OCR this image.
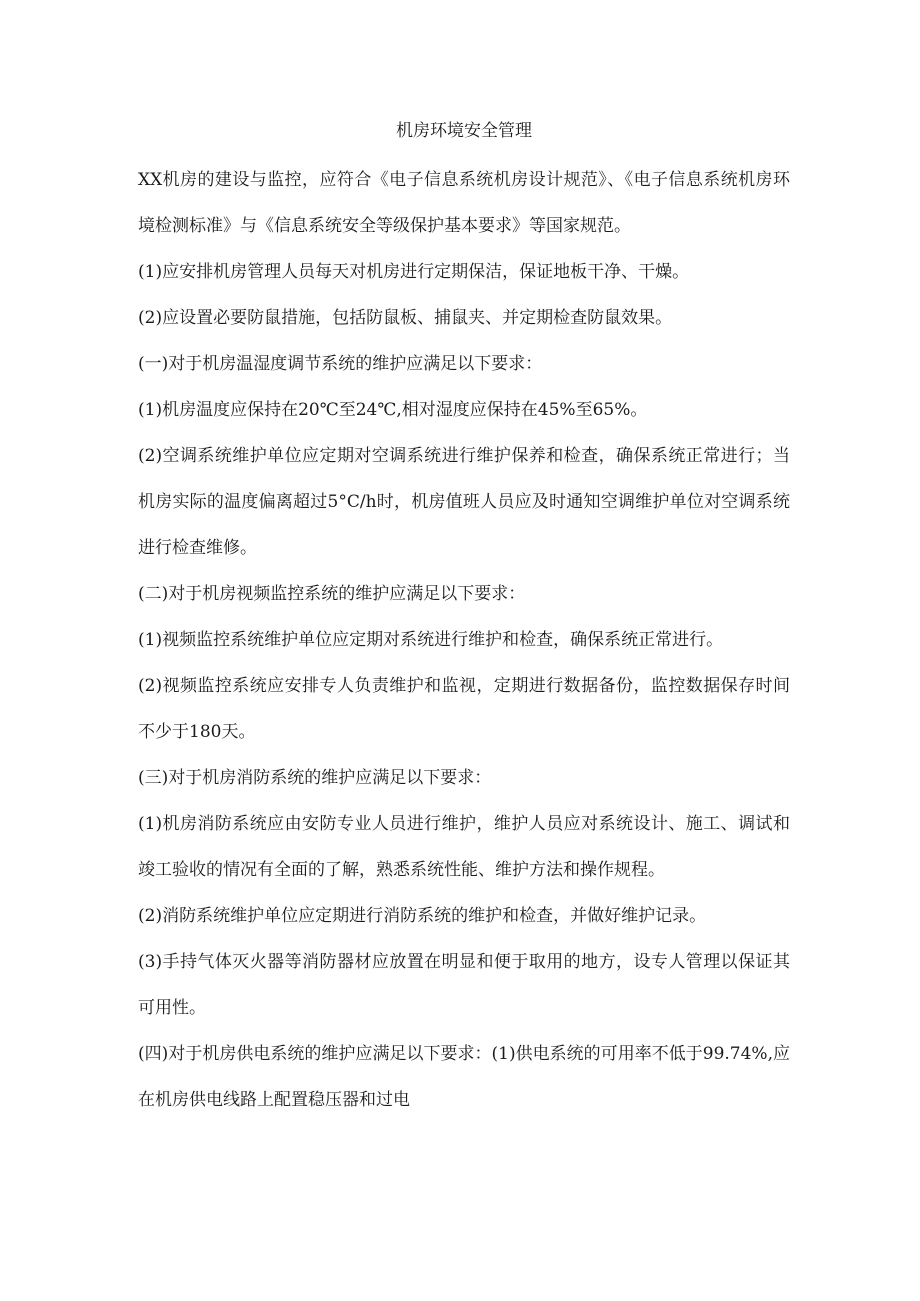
机房环境安全管理

XX机房的建设与监控，应符合《电子信息系统机房设计规范》、《电子信息系统机房环境检测标准》与《信息系统安全等级保护基本要求》等国家规范。

(1)应安排机房管理人员每天对机房进行定期保洁，保证地板干净、干燥。

(2)应设置必要防鼠措施，包括防鼠板、捕鼠夹、并定期检查防鼠效果。

(一)对于机房温湿度调节系统的维护应满足以下要求：

(1)机房温度应保持在20℃至24℃,相对湿度应保持在45%至65%。

(2)空调系统维护单位应定期对空调系统进行维护保养和检查，确保系统正常进行；当机房实际的温度偏离超过5°C/h时，机房值班人员应及时通知空调维护单位对空调系统进行检查维修。

(二)对于机房视频监控系统的维护应满足以下要求：

(1)视频监控系统维护单位应定期对系统进行维护和检查，确保系统正常进行。

(2)视频监控系统应安排专人负责维护和监视，定期进行数据备份，监控数据保存时间不少于180天。

(三)对于机房消防系统的维护应满足以下要求：

(1)机房消防系统应由安防专业人员进行维护，维护人员应对系统设计、施工、调试和竣工验收的情况有全面的了解，熟悉系统性能、维护方法和操作规程。

(2)消防系统维护单位应定期进行消防系统的维护和检查，并做好维护记录。

(3)手持气体灭火器等消防器材应放置在明显和便于取用的地方，设专人管理以保证其可用性。

(四)对于机房供电系统的维护应满足以下要求：(1)供电系统的可用率不低于99.74%,应在机房供电线路上配置稳压器和过电
